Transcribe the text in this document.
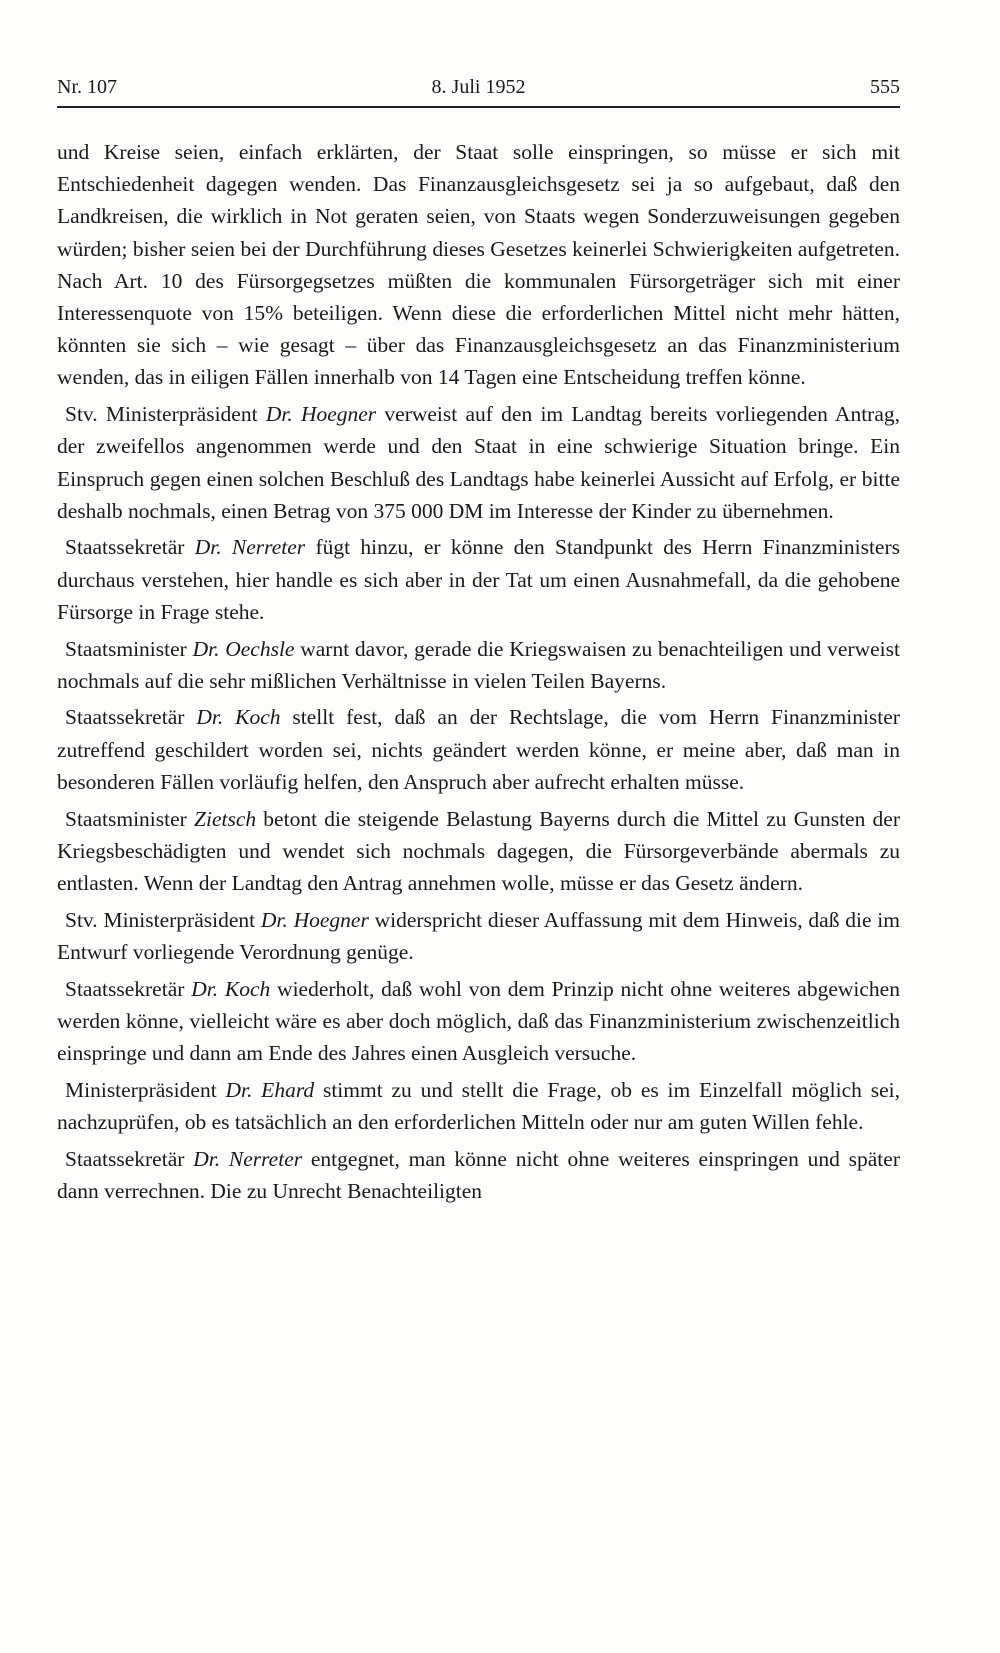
Nr. 107	8. Juli 1952	555

und Kreise seien, einfach erklärten, der Staat solle einspringen, so müsse er sich mit Entschiedenheit dagegen wenden. Das Finanzausgleichsgesetz sei ja so aufgebaut, daß den Landkreisen, die wirklich in Not geraten seien, von Staats wegen Sonderzuweisungen gegeben würden; bisher seien bei der Durchführung dieses Gesetzes keinerlei Schwierigkeiten aufgetreten. Nach Art. 10 des Fürsorgegsetzes müßten die kommunalen Fürsorgeträger sich mit einer Interessenquote von 15% beteiligen. Wenn diese die erforderlichen Mittel nicht mehr hätten, könnten sie sich – wie gesagt – über das Finanzausgleichsgesetz an das Finanzministerium wenden, das in eiligen Fällen innerhalb von 14 Tagen eine Entscheidung treffen könne.

Stv. Ministerpräsident Dr. Hoegner verweist auf den im Landtag bereits vorliegenden Antrag, der zweifellos angenommen werde und den Staat in eine schwierige Situation bringe. Ein Einspruch gegen einen solchen Beschluß des Landtags habe keinerlei Aussicht auf Erfolg, er bitte deshalb nochmals, einen Betrag von 375 000 DM im Interesse der Kinder zu übernehmen.

Staatssekretär Dr. Nerreter fügt hinzu, er könne den Standpunkt des Herrn Finanzministers durchaus verstehen, hier handle es sich aber in der Tat um einen Ausnahmefall, da die gehobene Fürsorge in Frage stehe.

Staatsminister Dr. Oechsle warnt davor, gerade die Kriegswaisen zu benachteiligen und verweist nochmals auf die sehr mißlichen Verhältnisse in vielen Teilen Bayerns.

Staatssekretär Dr. Koch stellt fest, daß an der Rechtslage, die vom Herrn Finanzminister zutreffend geschildert worden sei, nichts geändert werden könne, er meine aber, daß man in besonderen Fällen vorläufig helfen, den Anspruch aber aufrecht erhalten müsse.

Staatsminister Zietsch betont die steigende Belastung Bayerns durch die Mittel zu Gunsten der Kriegsbeschädigten und wendet sich nochmals dagegen, die Fürsorgeverbände abermals zu entlasten. Wenn der Landtag den Antrag annehmen wolle, müsse er das Gesetz ändern.

Stv. Ministerpräsident Dr. Hoegner widerspricht dieser Auffassung mit dem Hinweis, daß die im Entwurf vorliegende Verordnung genüge.

Staatssekretär Dr. Koch wiederholt, daß wohl von dem Prinzip nicht ohne weiteres abgewichen werden könne, vielleicht wäre es aber doch möglich, daß das Finanzministerium zwischenzeitlich einspringe und dann am Ende des Jahres einen Ausgleich versuche.

Ministerpräsident Dr. Ehard stimmt zu und stellt die Frage, ob es im Einzelfall möglich sei, nachzuprüfen, ob es tatsächlich an den erforderlichen Mitteln oder nur am guten Willen fehle.

Staatssekretär Dr. Nerreter entgegnet, man könne nicht ohne weiteres einspringen und später dann verrechnen. Die zu Unrecht Benachteiligten
